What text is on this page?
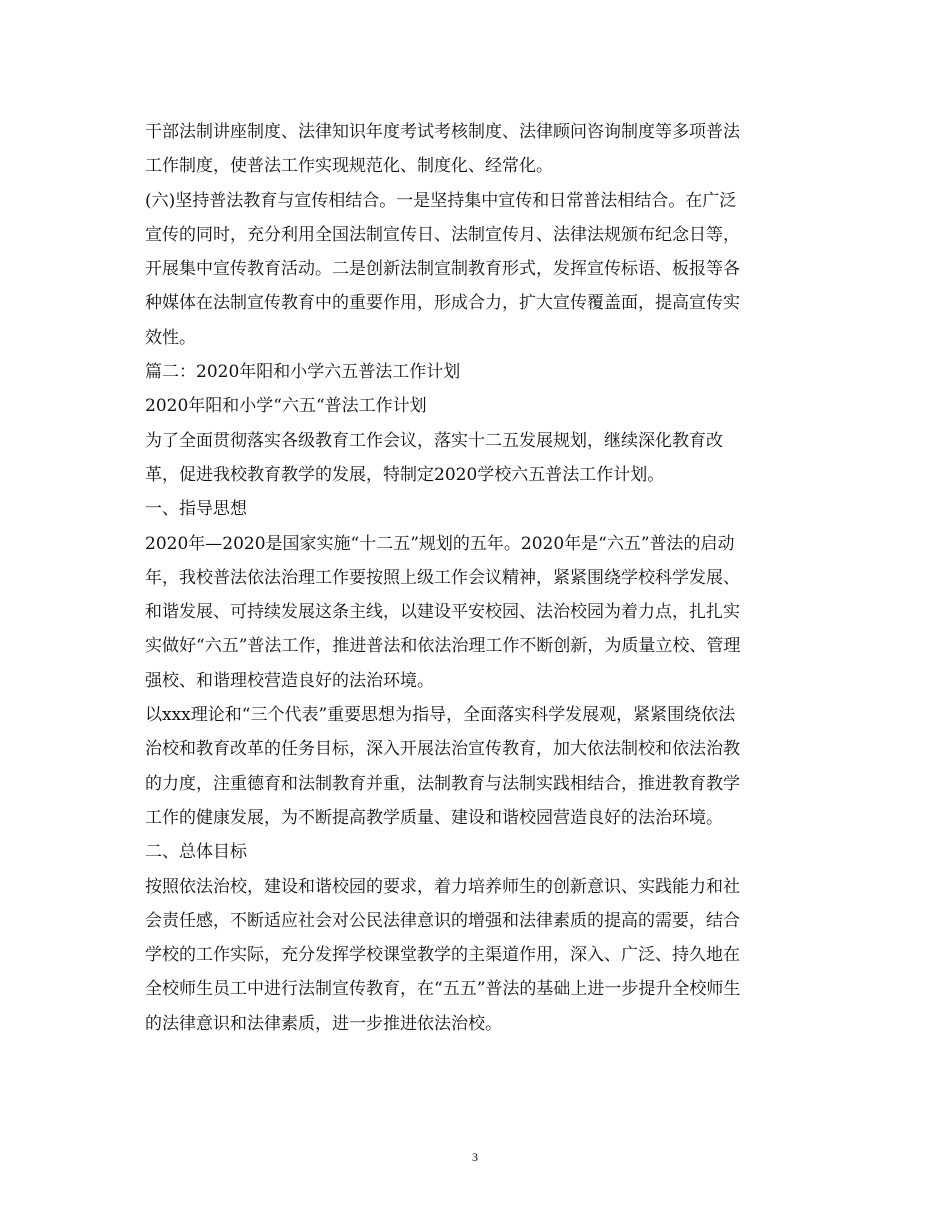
干部法制讲座制度、法律知识年度考试考核制度、法律顾问咨询制度等多项普法
工作制度，使普法工作实现规范化、制度化、经常化。
(六)坚持普法教育与宣传相结合。一是坚持集中宣传和日常普法相结合。在广泛
宣传的同时，充分利用全国法制宣传日、法制宣传月、法律法规颁布纪念日等，
开展集中宣传教育活动。二是创新法制宣制教育形式，发挥宣传标语、板报等各
种媒体在法制宣传教育中的重要作用，形成合力，扩大宣传覆盖面，提高宣传实
效性。
篇二：2020年阳和小学六五普法工作计划
2020年阳和小学“六五“普法工作计划
为了全面贯彻落实各级教育工作会议，落实十二五发展规划，继续深化教育改
革，促进我校教育教学的发展，特制定2020学校六五普法工作计划。
一、指导思想
2020年—2020是国家实施“十二五”规划的五年。2020年是“六五”普法的启动
年，我校普法依法治理工作要按照上级工作会议精神，紧紧围绕学校科学发展、
和谐发展、可持续发展这条主线，以建设平安校园、法治校园为着力点，扎扎实
实做好“六五”普法工作，推进普法和依法治理工作不断创新，为质量立校、管理
强校、和谐理校营造良好的法治环境。
以xxx理论和“三个代表”重要思想为指导，全面落实科学发展观，紧紧围绕依法
治校和教育改革的任务目标，深入开展法治宣传教育，加大依法制校和依法治教
的力度，注重德育和法制教育并重，法制教育与法制实践相结合，推进教育教学
工作的健康发展，为不断提高教学质量、建设和谐校园营造良好的法治环境。
二、总体目标
按照依法治校，建设和谐校园的要求，着力培养师生的创新意识、实践能力和社
会责任感，不断适应社会对公民法律意识的增强和法律素质的提高的需要，结合
学校的工作实际，充分发挥学校课堂教学的主渠道作用，深入、广泛、持久地在
全校师生员工中进行法制宣传教育，在“五五”普法的基础上进一步提升全校师生
的法律意识和法律素质，进一步推进依法治校。
3
